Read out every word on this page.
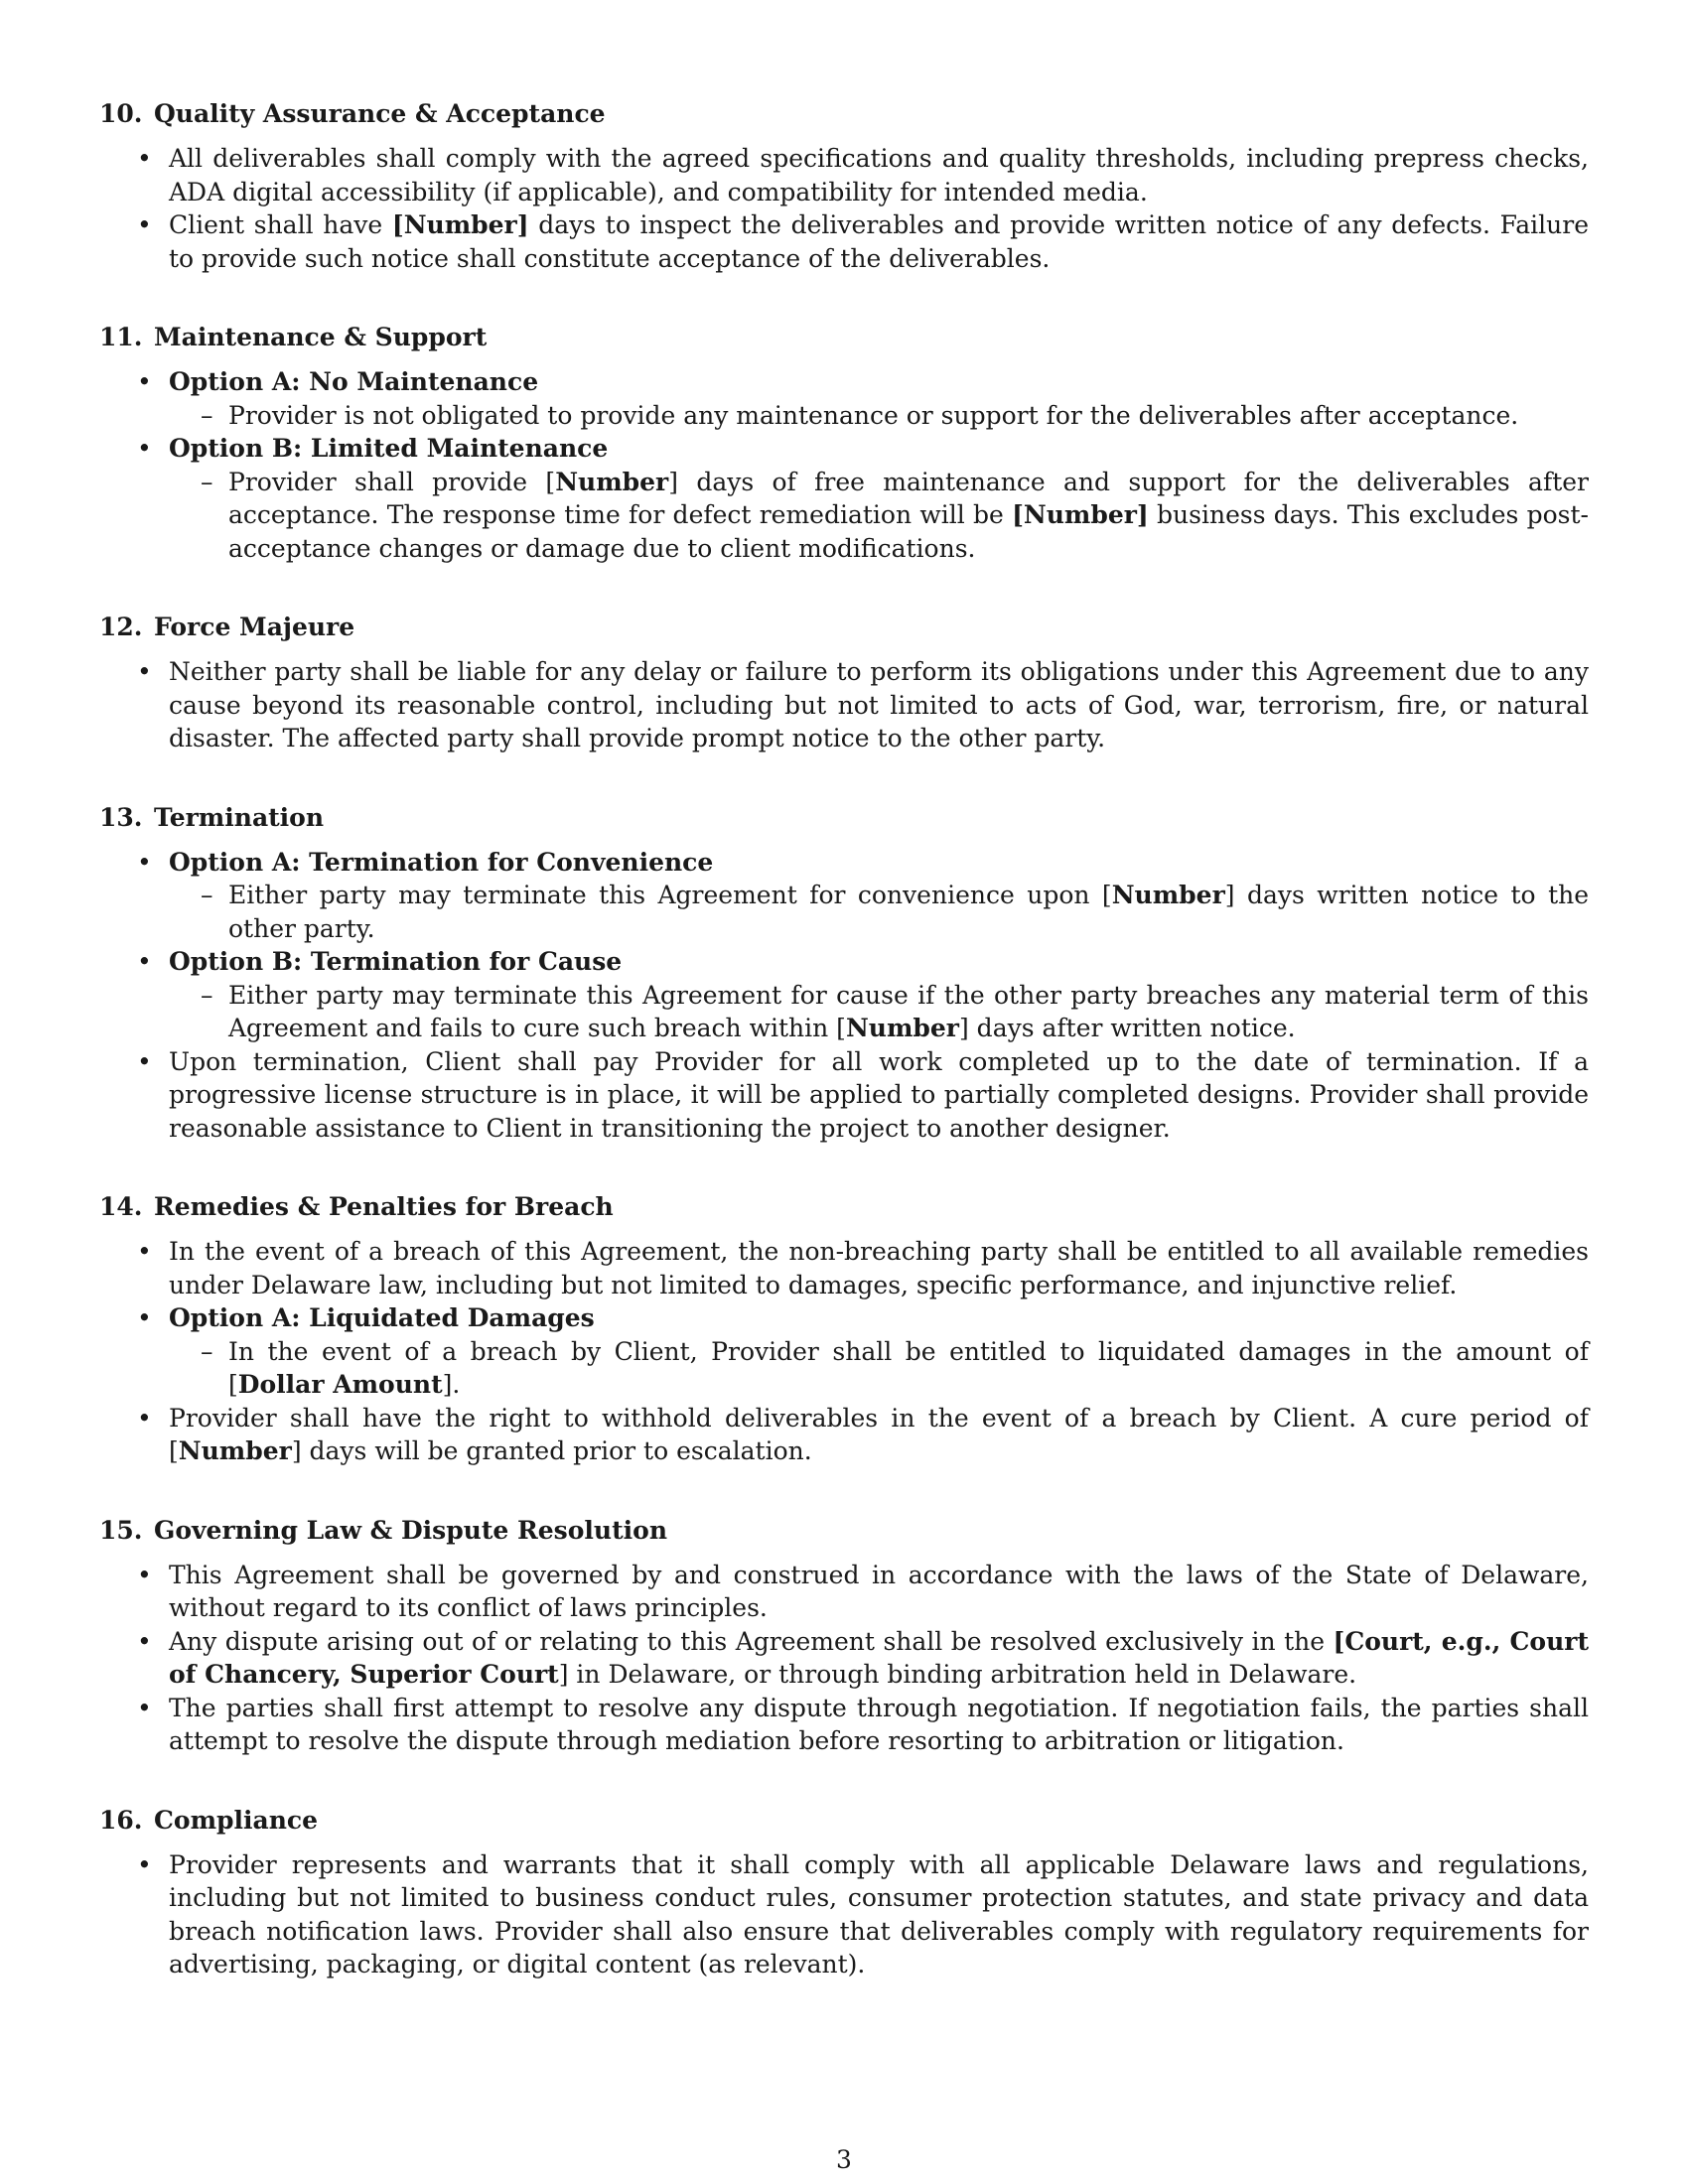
10. Quality Assurance & Acceptance
• All deliverables shall comply with the agreed specifications and quality thresholds, including prepress checks, ADA digital accessibility (if applicable), and compatibility for intended media.
• Client shall have [Number] days to inspect the deliverables and provide written notice of any defects. Failure to provide such notice shall constitute acceptance of the deliverables.
11. Maintenance & Support
• Option A: No Maintenance
– Provider is not obligated to provide any maintenance or support for the deliverables after acceptance.
• Option B: Limited Maintenance
– Provider shall provide [Number] days of free maintenance and support for the deliverables after acceptance. The response time for defect remediation will be [Number] business days. This excludes post-acceptance changes or damage due to client modifications.
12. Force Majeure
• Neither party shall be liable for any delay or failure to perform its obligations under this Agreement due to any cause beyond its reasonable control, including but not limited to acts of God, war, terrorism, fire, or natural disaster. The affected party shall provide prompt notice to the other party.
13. Termination
• Option A: Termination for Convenience
– Either party may terminate this Agreement for convenience upon [Number] days written notice to the other party.
• Option B: Termination for Cause
– Either party may terminate this Agreement for cause if the other party breaches any material term of this Agreement and fails to cure such breach within [Number] days after written notice.
• Upon termination, Client shall pay Provider for all work completed up to the date of termination. If a progressive license structure is in place, it will be applied to partially completed designs. Provider shall provide reasonable assistance to Client in transitioning the project to another designer.
14. Remedies & Penalties for Breach
• In the event of a breach of this Agreement, the non-breaching party shall be entitled to all available remedies under Delaware law, including but not limited to damages, specific performance, and injunctive relief.
• Option A: Liquidated Damages
– In the event of a breach by Client, Provider shall be entitled to liquidated damages in the amount of [Dollar Amount].
• Provider shall have the right to withhold deliverables in the event of a breach by Client. A cure period of [Number] days will be granted prior to escalation.
15. Governing Law & Dispute Resolution
• This Agreement shall be governed by and construed in accordance with the laws of the State of Delaware, without regard to its conflict of laws principles.
• Any dispute arising out of or relating to this Agreement shall be resolved exclusively in the [Court, e.g., Court of Chancery, Superior Court] in Delaware, or through binding arbitration held in Delaware.
• The parties shall first attempt to resolve any dispute through negotiation. If negotiation fails, the parties shall attempt to resolve the dispute through mediation before resorting to arbitration or litigation.
16. Compliance
• Provider represents and warrants that it shall comply with all applicable Delaware laws and regulations, including but not limited to business conduct rules, consumer protection statutes, and state privacy and data breach notification laws. Provider shall also ensure that deliverables comply with regulatory requirements for advertising, packaging, or digital content (as relevant).
3
